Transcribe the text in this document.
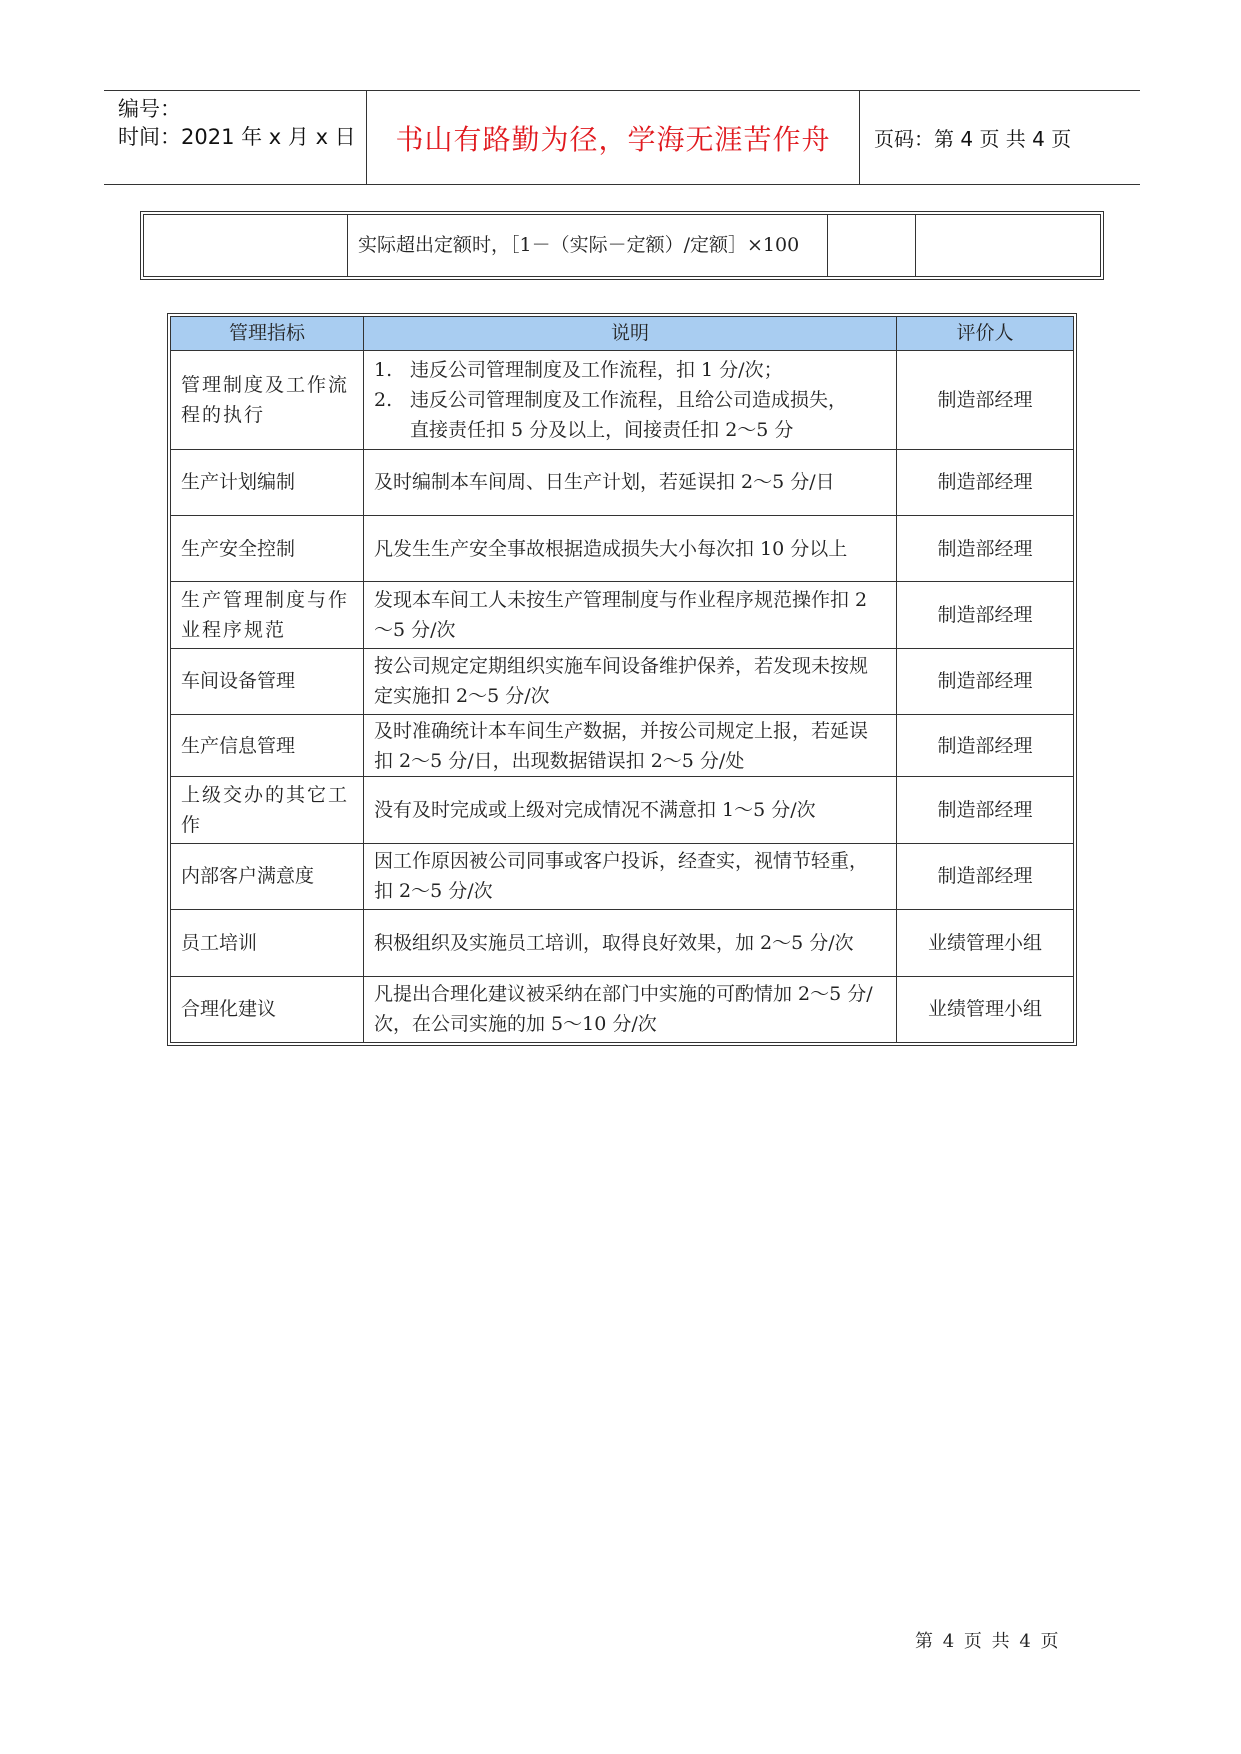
编号：
时间：2021 年 x 月 x 日	书山有路勤为径，学海无涯苦作舟	页码：第 4 页 共 4 页
	实际超出定额时，［1－（实际－定额）/定额］×100		
管理指标	说明	评价人
管理制度及工作流程的执行	1. 违反公司管理制度及工作流程，扣 1 分/次；
2. 违反公司管理制度及工作流程，且给公司造成损失，
直接责任扣 5 分及以上，间接责任扣 2～5 分	制造部经理
生产计划编制	及时编制本车间周、日生产计划，若延误扣 2～5 分/日	制造部经理
生产安全控制	凡发生生产安全事故根据造成损失大小每次扣 10 分以上	制造部经理
生产管理制度与作业程序规范	发现本车间工人未按生产管理制度与作业程序规范操作扣 2～5 分/次	制造部经理
车间设备管理	按公司规定定期组织实施车间设备维护保养，若发现未按规定实施扣 2～5 分/次	制造部经理
生产信息管理	及时准确统计本车间生产数据，并按公司规定上报，若延误扣 2～5 分/日，出现数据错误扣 2～5 分/处	制造部经理
上级交办的其它工作	没有及时完成或上级对完成情况不满意扣 1～5 分/次	制造部经理
内部客户满意度	因工作原因被公司同事或客户投诉，经查实，视情节轻重，扣 2～5 分/次	制造部经理
员工培训	积极组织及实施员工培训，取得良好效果，加 2～5 分/次	业绩管理小组
合理化建议	凡提出合理化建议被采纳在部门中实施的可酌情加 2～5 分/次，在公司实施的加 5～10 分/次	业绩管理小组
第 4 页 共 4 页
